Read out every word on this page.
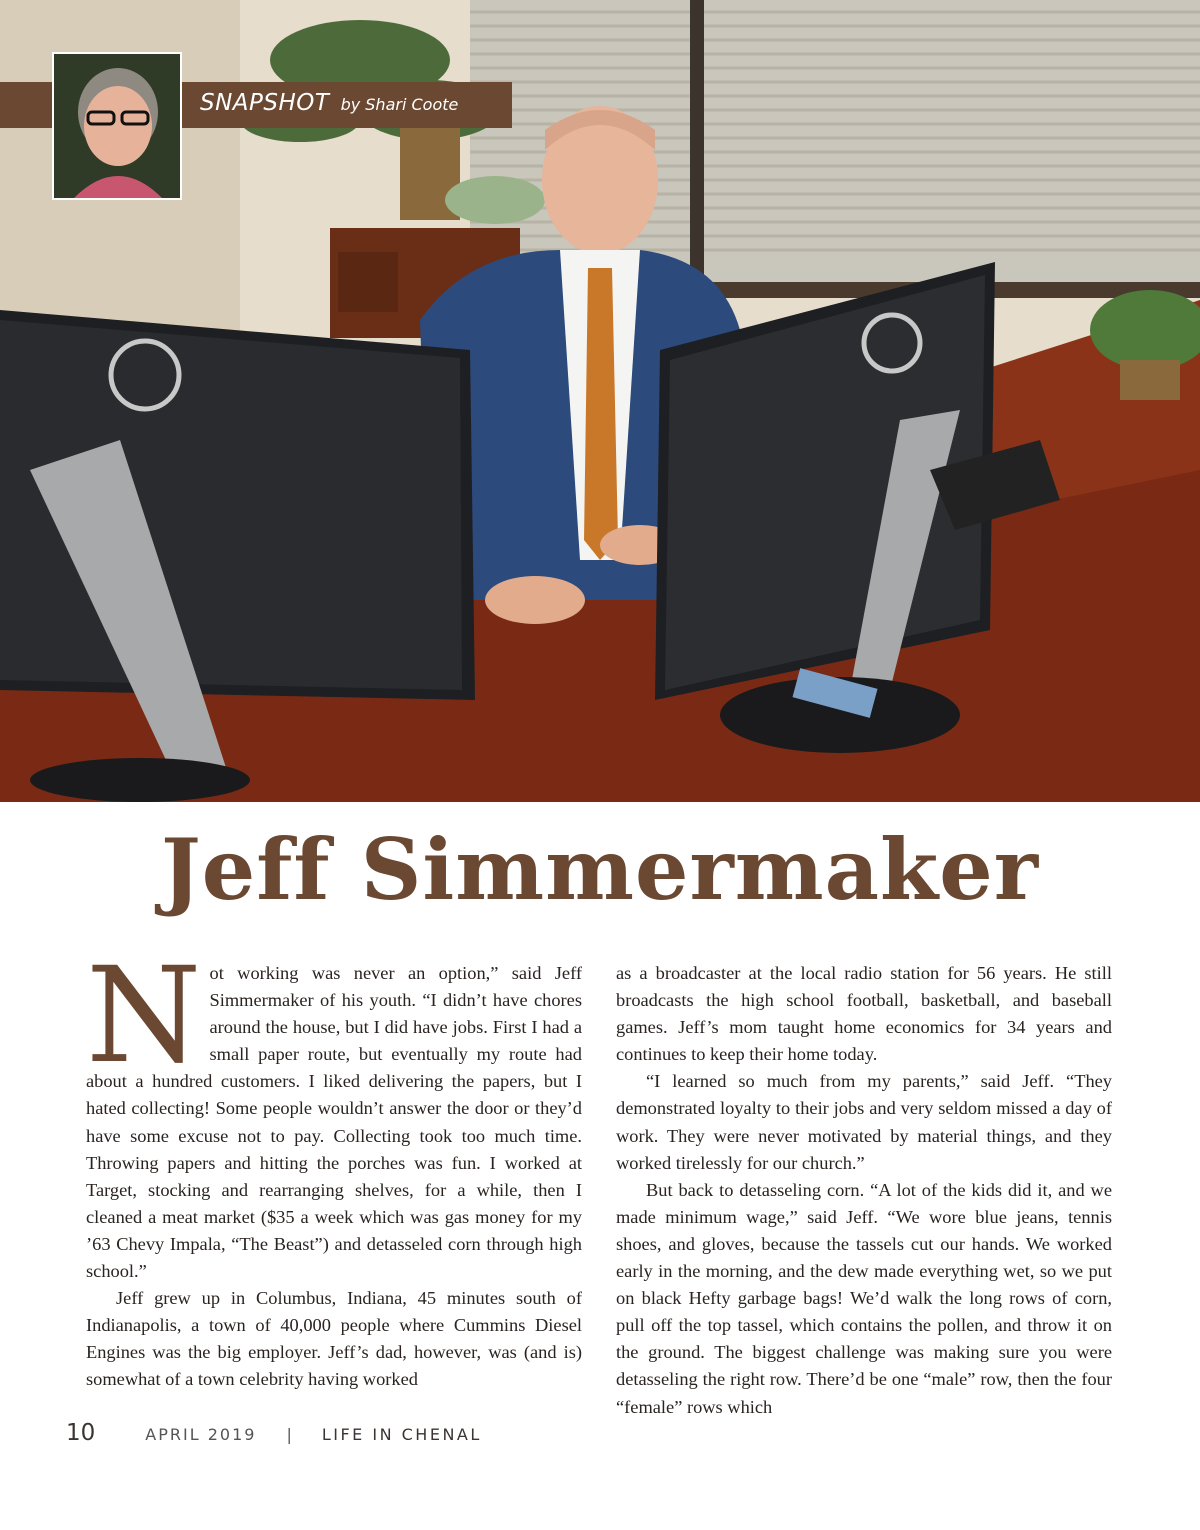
SNAPSHOT by Shari Coote
Jeff Simmermaker

Not working was never an option,” said Jeff Simmermaker of his youth. “I didn’t have chores around the house, but I did have jobs. First I had a small paper route, but eventually my route had about a hundred customers. I liked delivering the papers, but I hated collecting! Some people wouldn’t answer the door or they’d have some excuse not to pay. Collecting took too much time. Throwing papers and hitting the porches was fun. I worked at Target, stocking and rearranging shelves, for a while, then I cleaned a meat market ($35 a week which was gas money for my ’63 Chevy Impala, “The Beast”) and detasseled corn through high school.”

Jeff grew up in Columbus, Indiana, 45 minutes south of Indianapolis, a town of 40,000 people where Cummins Diesel Engines was the big employer. Jeff’s dad, however, was (and is) somewhat of a town celebrity having worked

as a broadcaster at the local radio station for 56 years. He still broadcasts the high school football, basketball, and baseball games. Jeff’s mom taught home economics for 34 years and continues to keep their home today.

“I learned so much from my parents,” said Jeff. “They demonstrated loyalty to their jobs and very seldom missed a day of work. They were never motivated by material things, and they worked tirelessly for our church.”

But back to detasseling corn. “A lot of the kids did it, and we made minimum wage,” said Jeff. “We wore blue jeans, tennis shoes, and gloves, because the tassels cut our hands. We worked early in the morning, and the dew made everything wet, so we put on black Hefty garbage bags! We’d walk the long rows of corn, pull off the top tassel, which contains the pollen, and throw it on the ground. The biggest challenge was making sure you were detasseling the right row. There’d be one “male” row, then the four “female” rows which

10	APRIL 2019 | LIFE IN CHENAL
